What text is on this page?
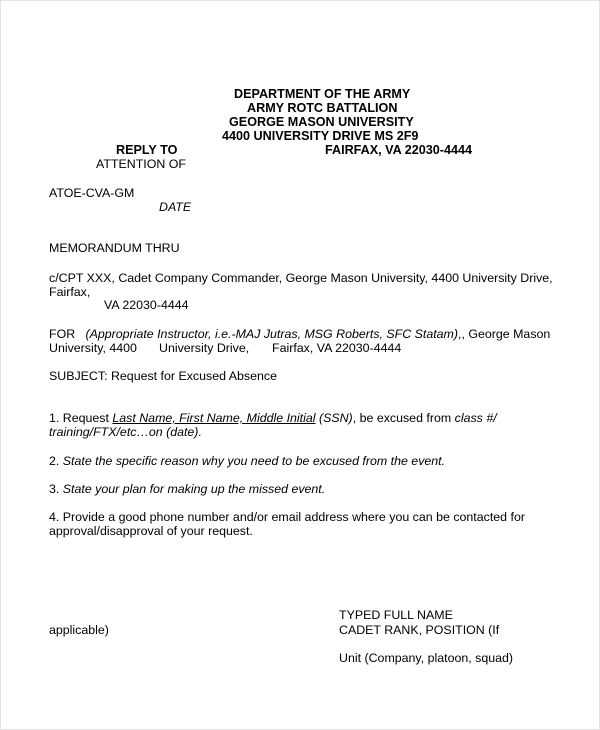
DEPARTMENT OF THE ARMY
ARMY ROTC BATTALION
GEORGE MASON UNIVERSITY
4400 UNIVERSITY DRIVE MS 2F9
REPLY TO	FAIRFAX, VA 22030-4444
ATTENTION OF
ATOE-CVA-GM
DATE
MEMORANDUM THRU
c/CPT XXX, Cadet Company Commander, George Mason University, 4400 University Drive,
Fairfax,
VA 22030-4444
FOR (Appropriate Instructor, i.e.-MAJ Jutras, MSG Roberts, SFC Statam),, George Mason
University, 4400 University Drive, Fairfax, VA 22030-4444
SUBJECT: Request for Excused Absence
1. Request Last Name, First Name, Middle Initial (SSN), be excused from class #/
training/FTX/etc…on (date).
2. State the specific reason why you need to be excused from the event.
3. State your plan for making up the missed event.
4. Provide a good phone number and/or email address where you can be contacted for
approval/disapproval of your request.
TYPED FULL NAME
applicable)	CADET RANK, POSITION (If
Unit (Company, platoon, squad)
